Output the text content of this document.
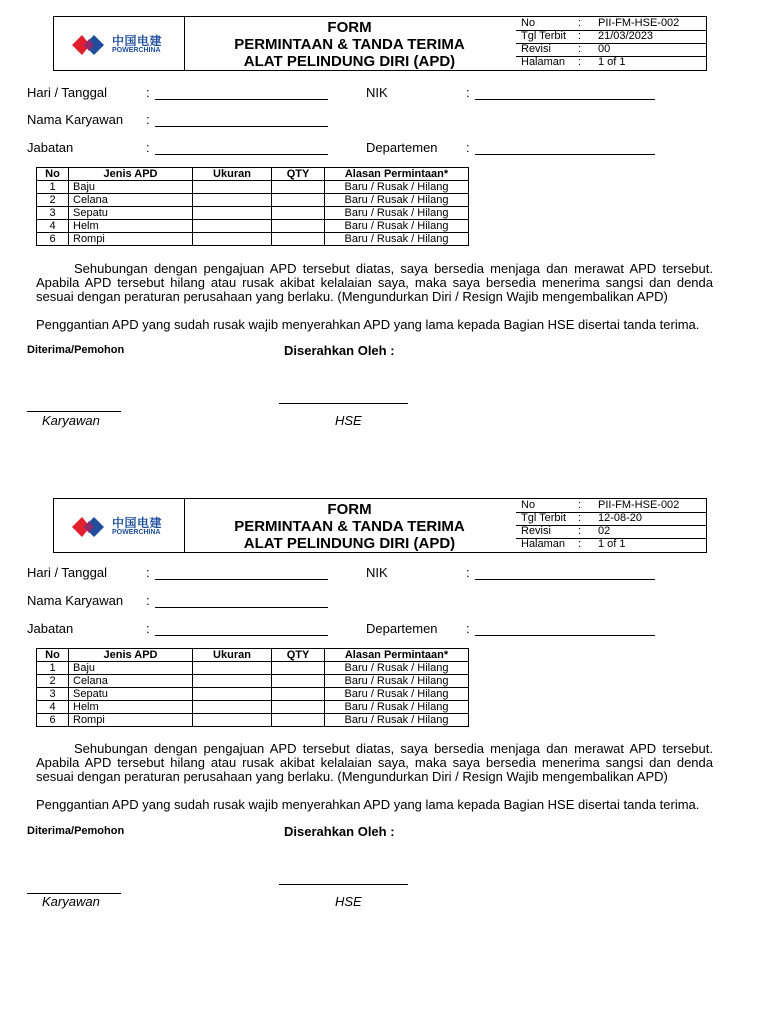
中国电建
POWERCHINA
FORM
PERMINTAAN & TANDA TERIMA
ALAT PELINDUNG DIRI (APD)
No	: PII-FM-HSE-002
Tgl Terbit : 21/03/2023
Revisi : 00
Halaman : 1 of 1
Hari / Tanggal	:	NIK	:
Nama Karyawan :
Jabatan	:	Departemen :
No	Jenis APD	Ukuran	QTY	Alasan Permintaan*
1	Baju			Baru / Rusak / Hilang
2	Celana			Baru / Rusak / Hilang
3	Sepatu			Baru / Rusak / Hilang
4	Helm			Baru / Rusak / Hilang
6	Rompi			Baru / Rusak / Hilang
Sehubungan dengan pengajuan APD tersebut diatas, saya bersedia menjaga dan merawat APD tersebut. Apabila APD tersebut hilang atau rusak akibat kelalaian saya, maka saya bersedia menerima sangsi dan denda sesuai dengan peraturan perusahaan yang berlaku. (Mengundurkan Diri / Resign Wajib mengembalikan APD)
Penggantian APD yang sudah rusak wajib menyerahkan APD yang lama kepada Bagian HSE disertai tanda terima.
Diterima/Pemohon	Diserahkan Oleh :
Karyawan	HSE
中国电建
POWERCHINA
FORM
PERMINTAAN & TANDA TERIMA
ALAT PELINDUNG DIRI (APD)
No	: PII-FM-HSE-002
Tgl Terbit : 12-08-20
Revisi : 02
Halaman : 1 of 1
Hari / Tanggal	:	NIK	:
Nama Karyawan :
Jabatan	:	Departemen :
No	Jenis APD	Ukuran	QTY	Alasan Permintaan*
1	Baju			Baru / Rusak / Hilang
2	Celana			Baru / Rusak / Hilang
3	Sepatu			Baru / Rusak / Hilang
4	Helm			Baru / Rusak / Hilang
6	Rompi			Baru / Rusak / Hilang
Sehubungan dengan pengajuan APD tersebut diatas, saya bersedia menjaga dan merawat APD tersebut. Apabila APD tersebut hilang atau rusak akibat kelalaian saya, maka saya bersedia menerima sangsi dan denda sesuai dengan peraturan perusahaan yang berlaku. (Mengundurkan Diri / Resign Wajib mengembalikan APD)
Penggantian APD yang sudah rusak wajib menyerahkan APD yang lama kepada Bagian HSE disertai tanda terima.
Diterima/Pemohon	Diserahkan Oleh :
Karyawan	HSE
